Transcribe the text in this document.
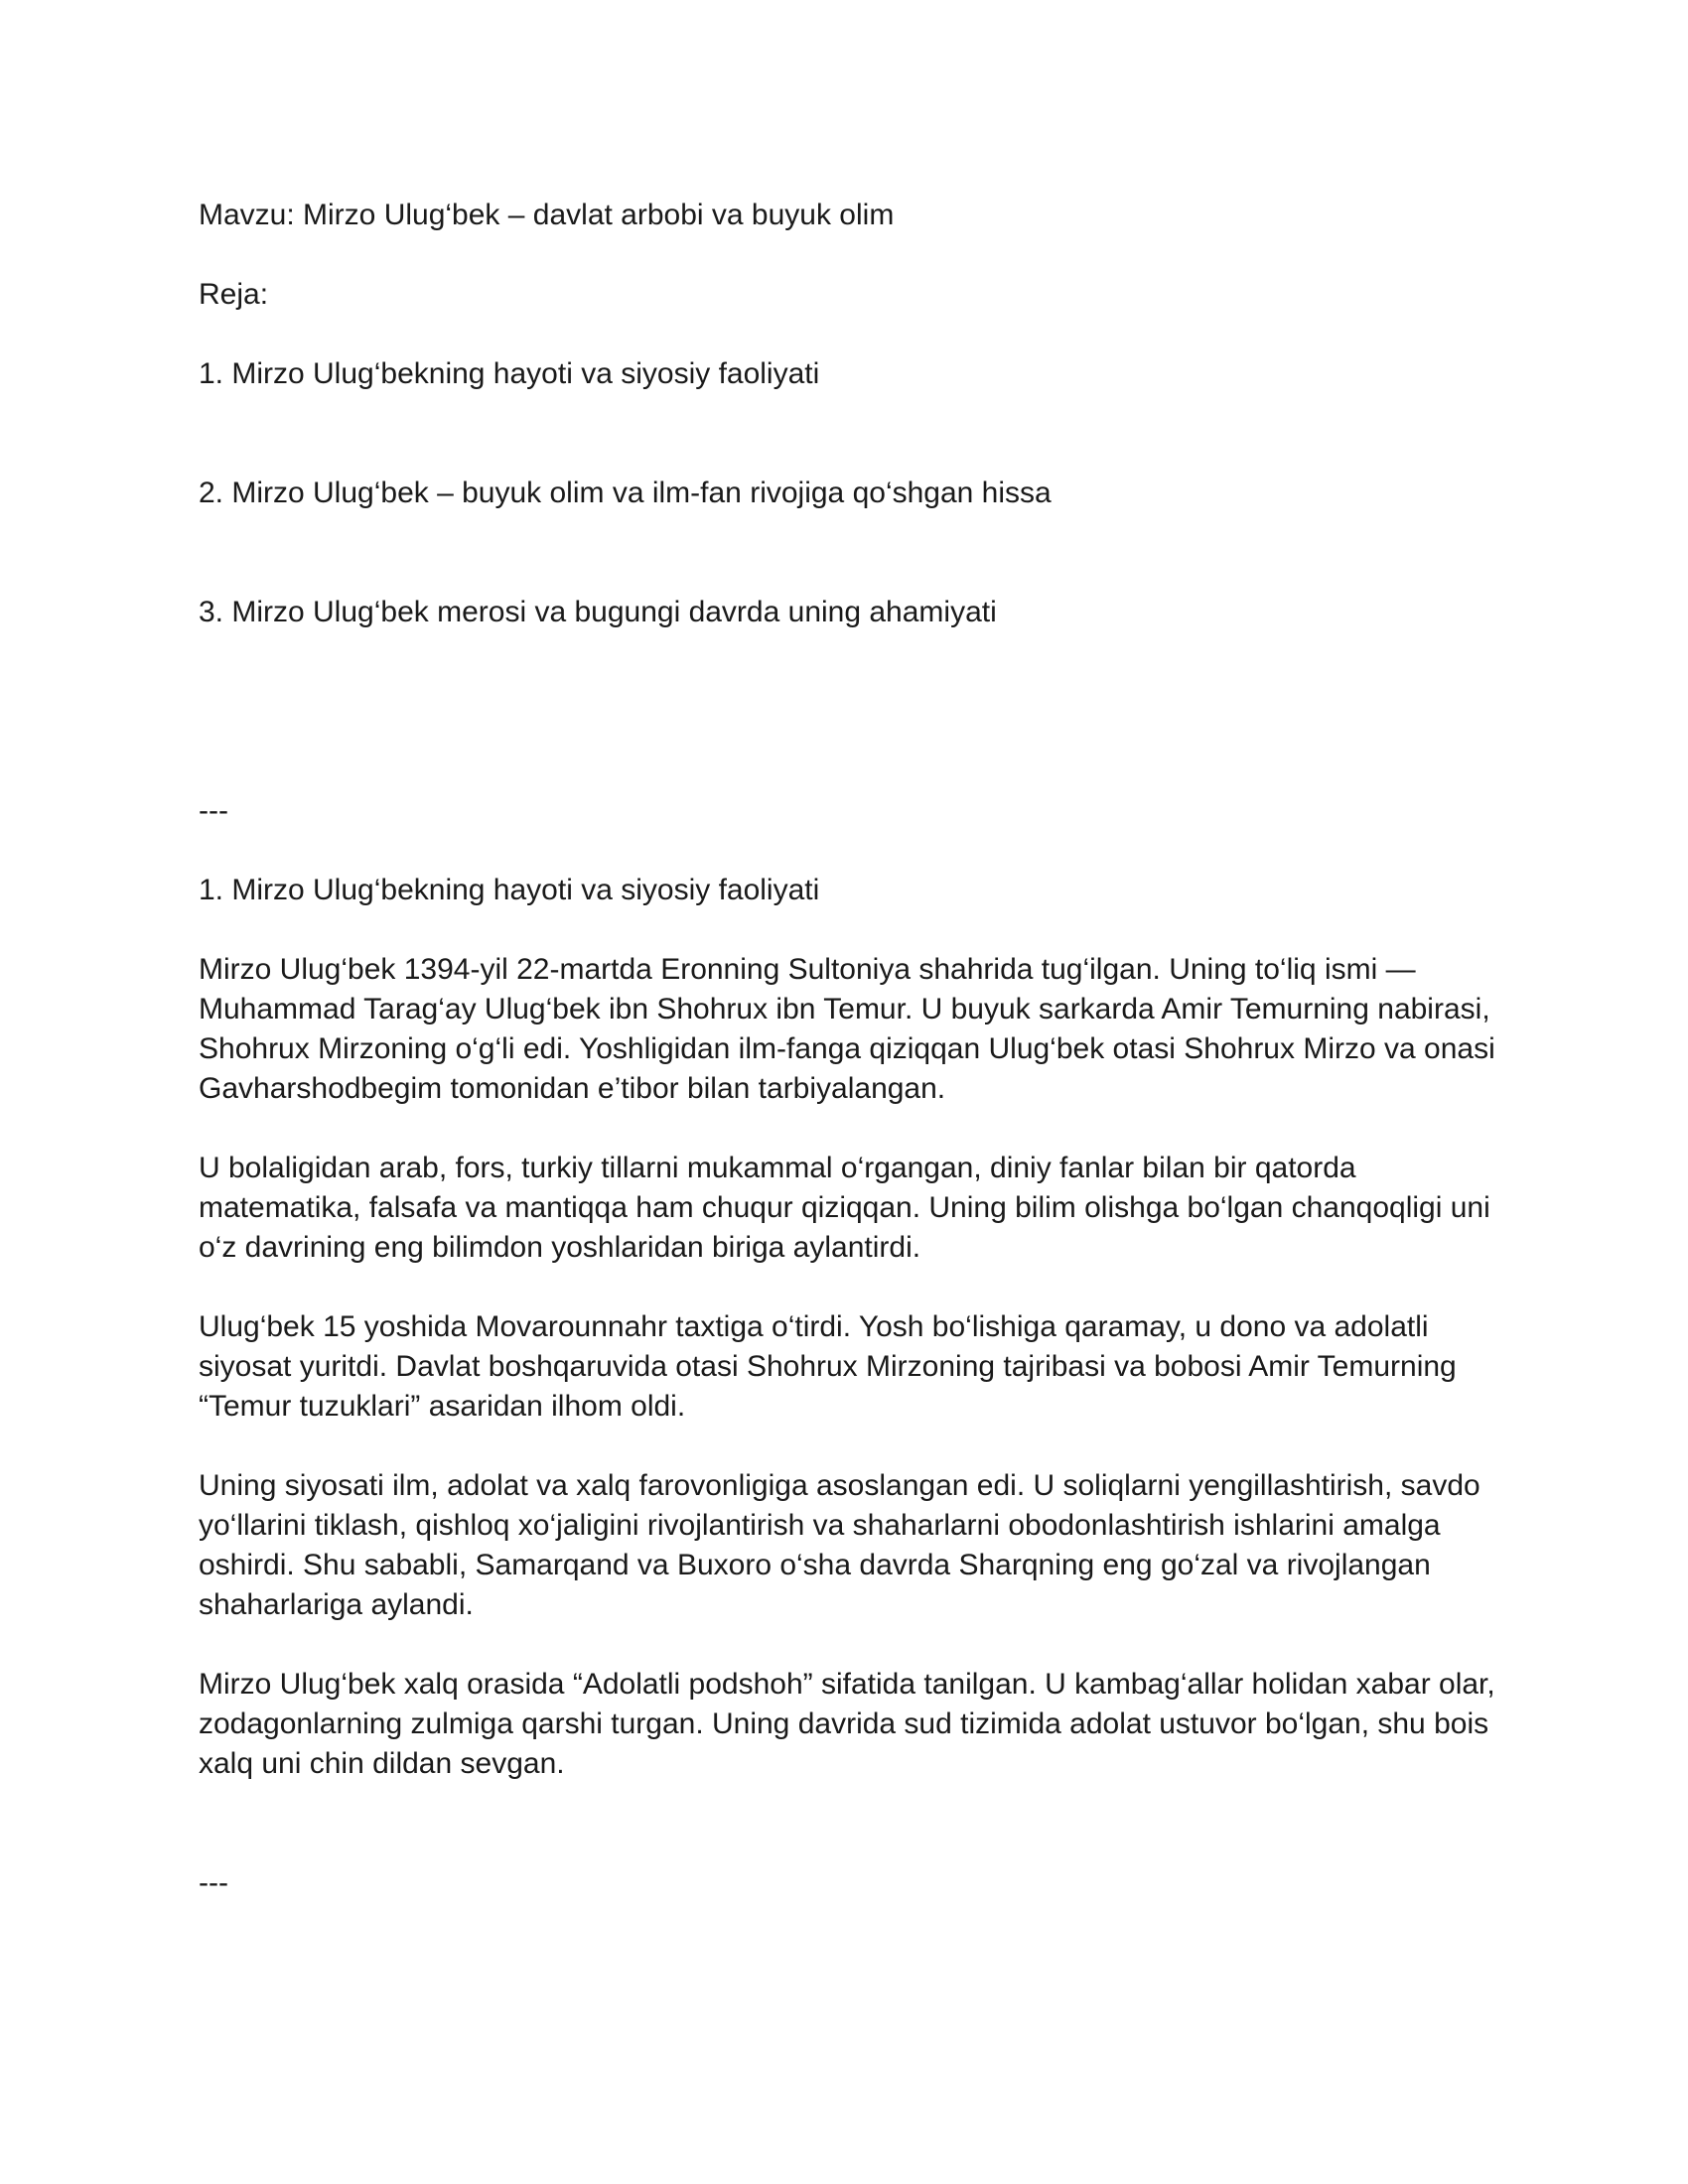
Mavzu: Mirzo Ulug‘bek – davlat arbobi va buyuk olim

Reja:

1. Mirzo Ulug‘bekning hayoti va siyosiy faoliyati

2. Mirzo Ulug‘bek – buyuk olim va ilm-fan rivojiga qo‘shgan hissa

3. Mirzo Ulug‘bek merosi va bugungi davrda uning ahamiyati

---

1. Mirzo Ulug‘bekning hayoti va siyosiy faoliyati

Mirzo Ulug‘bek 1394-yil 22-martda Eronning Sultoniya shahrida tug‘ilgan. Uning to‘liq ismi — Muhammad Tarag‘ay Ulug‘bek ibn Shohrux ibn Temur. U buyuk sarkarda Amir Temurning nabirasi, Shohrux Mirzoning o‘g‘li edi. Yoshligidan ilm-fanga qiziqqan Ulug‘bek otasi Shohrux Mirzo va onasi Gavharshodbegim tomonidan e’tibor bilan tarbiyalangan.

U bolaligidan arab, fors, turkiy tillarni mukammal o‘rgangan, diniy fanlar bilan bir qatorda matematika, falsafa va mantiqqa ham chuqur qiziqqan. Uning bilim olishga bo‘lgan chanqoqligi uni o‘z davrining eng bilimdon yoshlaridan biriga aylantirdi.

Ulug‘bek 15 yoshida Movarounnahr taxtiga o‘tirdi. Yosh bo‘lishiga qaramay, u dono va adolatli siyosat yuritdi. Davlat boshqaruvida otasi Shohrux Mirzoning tajribasi va bobosi Amir Temurning “Temur tuzuklari” asaridan ilhom oldi.

Uning siyosati ilm, adolat va xalq farovonligiga asoslangan edi. U soliqlarni yengillashtirish, savdo yo‘llarini tiklash, qishloq xo‘jaligini rivojlantirish va shaharlarni obodonlashtirish ishlarini amalga oshirdi. Shu sababli, Samarqand va Buxoro o‘sha davrda Sharqning eng go‘zal va rivojlangan shaharlariga aylandi.

Mirzo Ulug‘bek xalq orasida “Adolatli podshoh” sifatida tanilgan. U kambag‘allar holidan xabar olar, zodagonlarning zulmiga qarshi turgan. Uning davrida sud tizimida adolat ustuvor bo‘lgan, shu bois xalq uni chin dildan sevgan.

---
